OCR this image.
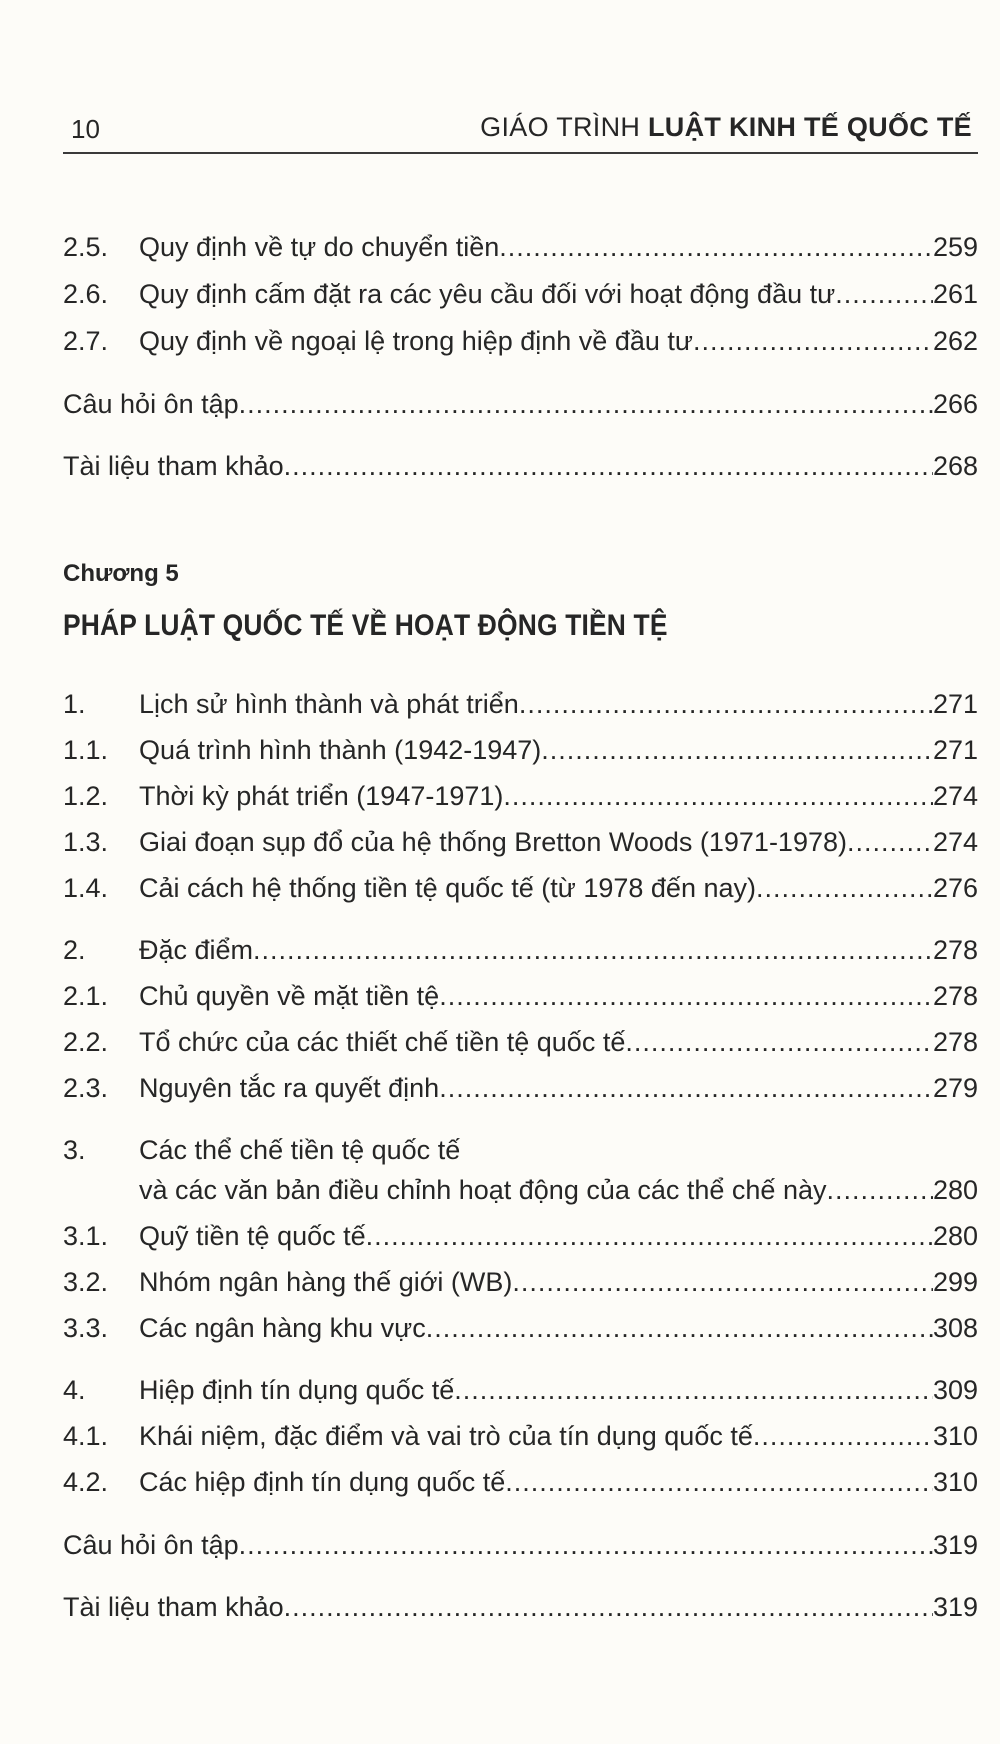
10	GIÁO TRÌNH LUẬT KINH TẾ QUỐC TẾ
2.5.	Quy định về tự do chuyển tiền .....	259
2.6.	Quy định cấm đặt ra các yêu cầu đối với hoạt động đầu tư .....	261
2.7.	Quy định về ngoại lệ trong hiệp định về đầu tư .....	262
Câu hỏi ôn tập .....	266
Tài liệu tham khảo .....	268
Chương 5
PHÁP LUẬT QUỐC TẾ VỀ HOẠT ĐỘNG TIỀN TỆ
1.	Lịch sử hình thành và phát triển .....	271
1.1.	Quá trình hình thành (1942-1947) .....	271
1.2.	Thời kỳ phát triển (1947-1971) .....	274
1.3.	Giai đoạn sụp đổ của hệ thống Bretton Woods (1971-1978) .....	274
1.4.	Cải cách hệ thống tiền tệ quốc tế (từ 1978 đến nay) .....	276
2.	Đặc điểm .....	278
2.1.	Chủ quyền về mặt tiền tệ .....	278
2.2.	Tổ chức của các thiết chế tiền tệ quốc tế .....	278
2.3.	Nguyên tắc ra quyết định .....	279
3.	Các thể chế tiền tệ quốc tế
và các văn bản điều chỉnh hoạt động của các thể chế này .....	280
3.1.	Quỹ tiền tệ quốc tế .....	280
3.2.	Nhóm ngân hàng thế giới (WB) .....	299
3.3.	Các ngân hàng khu vực .....	308
4.	Hiệp định tín dụng quốc tế .....	309
4.1.	Khái niệm, đặc điểm và vai trò của tín dụng quốc tế .....	310
4.2.	Các hiệp định tín dụng quốc tế .....	310
Câu hỏi ôn tập .....	319
Tài liệu tham khảo .....	319
